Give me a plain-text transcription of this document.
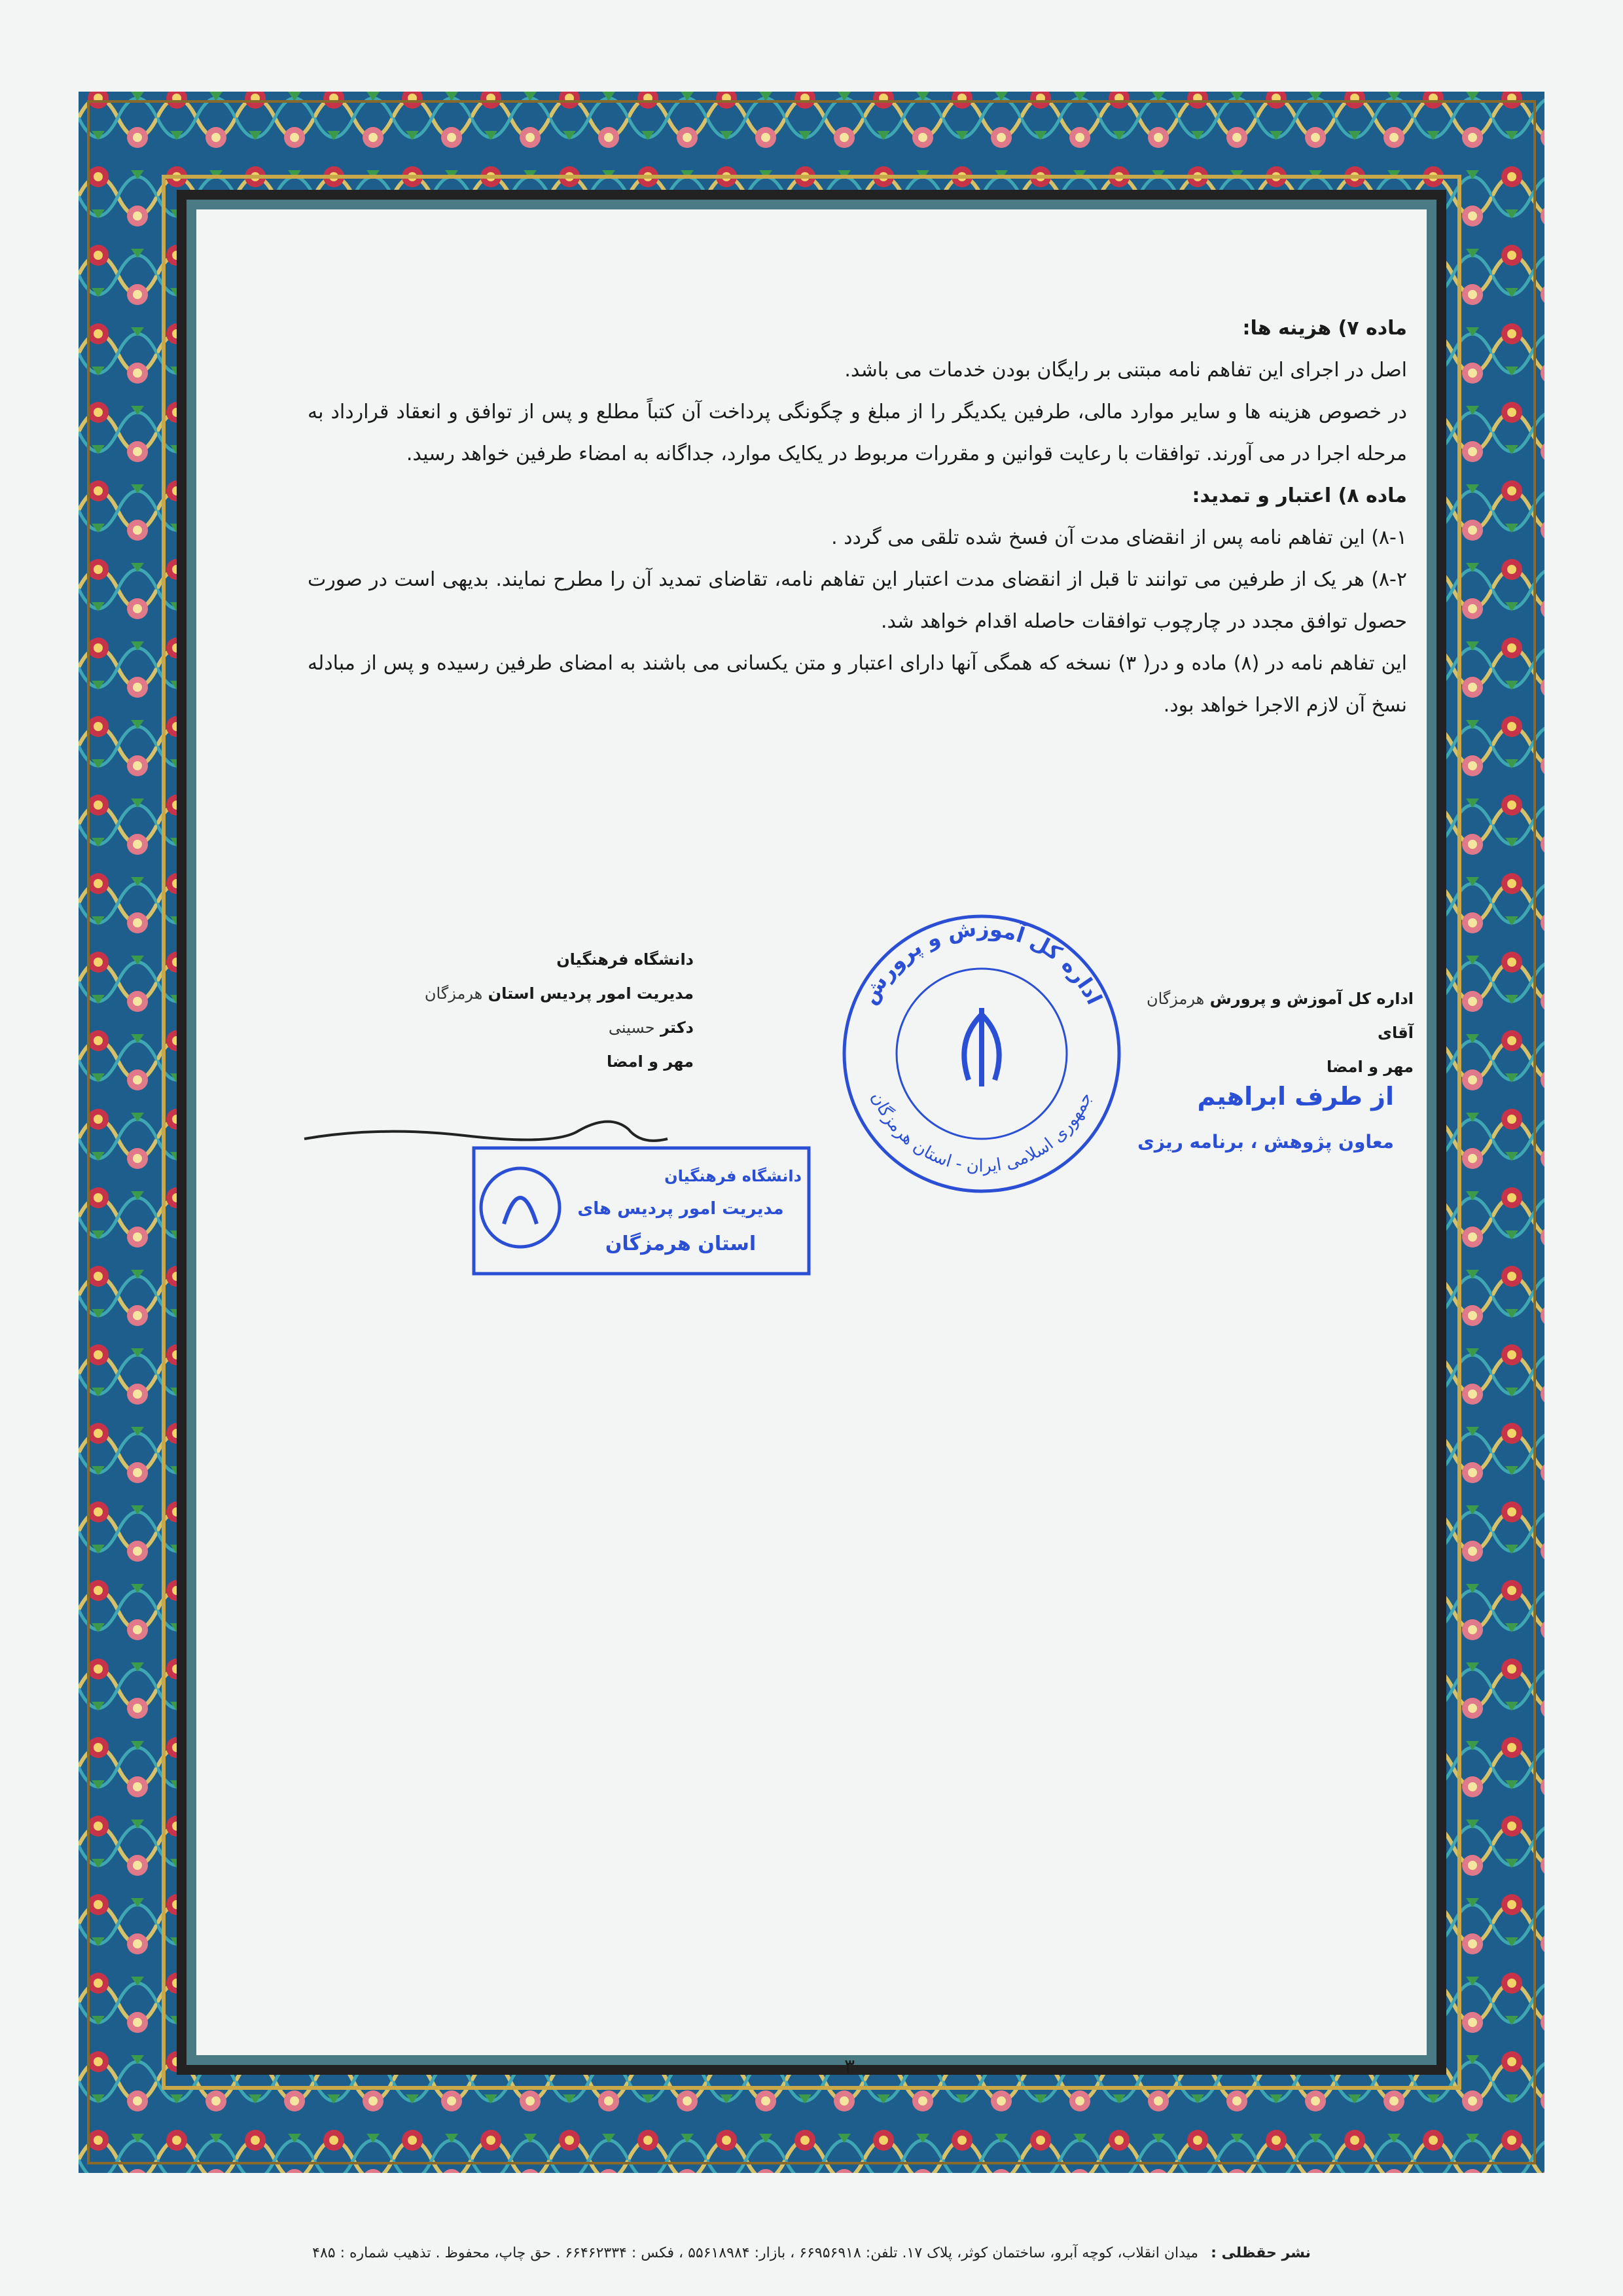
ماده ۷) هزینه ها:

اصل در اجرای این تفاهم نامه مبتنی بر رایگان بودن خدمات می باشد.

در خصوص هزینه ها و سایر موارد مالی، طرفین یکدیگر را از مبلغ و چگونگی پرداخت آن کتباً مطلع و پس از توافق و انعقاد قرارداد به مرحله اجرا در می آورند. توافقات با رعایت قوانین و مقررات مربوط در یکایک موارد، جداگانه به امضاء طرفین خواهد رسید.

ماده ۸) اعتبار و تمدید:

۸-۱) این تفاهم نامه پس از انقضای مدت آن فسخ شده تلقی می گردد .

۸-۲) هر یک از طرفین می توانند تا قبل از انقضای مدت اعتبار این تفاهم نامه، تقاضای تمدید آن را مطرح نمایند. بدیهی است در صورت حصول توافق مجدد در چارچوب توافقات حاصله اقدام خواهد شد.

این تفاهم نامه در (۸) ماده و در( ۳) نسخه که همگی آنها دارای اعتبار و متن یکسانی می باشند به امضای طرفین رسیده و پس از مبادله نسخ آن لازم الاجرا خواهد بود.

دانشگاه فرهنگیان

مدیریت امور پردیس استان هرمزگان

دکتر حسینی

مهر و امضا

دانشگاه فرهنگیان
مدیریت امور پردیس های
استان هرمزگان

اداره کل آموزش و پرورش هرمزگان

آقای

مهر و امضا

اداره کل آموزش و پرورش
جمهوری اسلامی ایران - استان هرمزگان	از طرف ابراهیم
معاون پژوهش ، برنامه ریزی
۳
نشر حقظلی : میدان انقلاب، کوچه آبرو، ساختمان کوثر، پلاک ۱۷. تلفن: ۶۶۹۵۶۹۱۸ ، بازار: ۵۵۶۱۸۹۸۴ ، فکس : ۶۶۴۶۲۳۳۴ . حق چاپ، محفوظ . تذهیب شماره : ۴۸۵
